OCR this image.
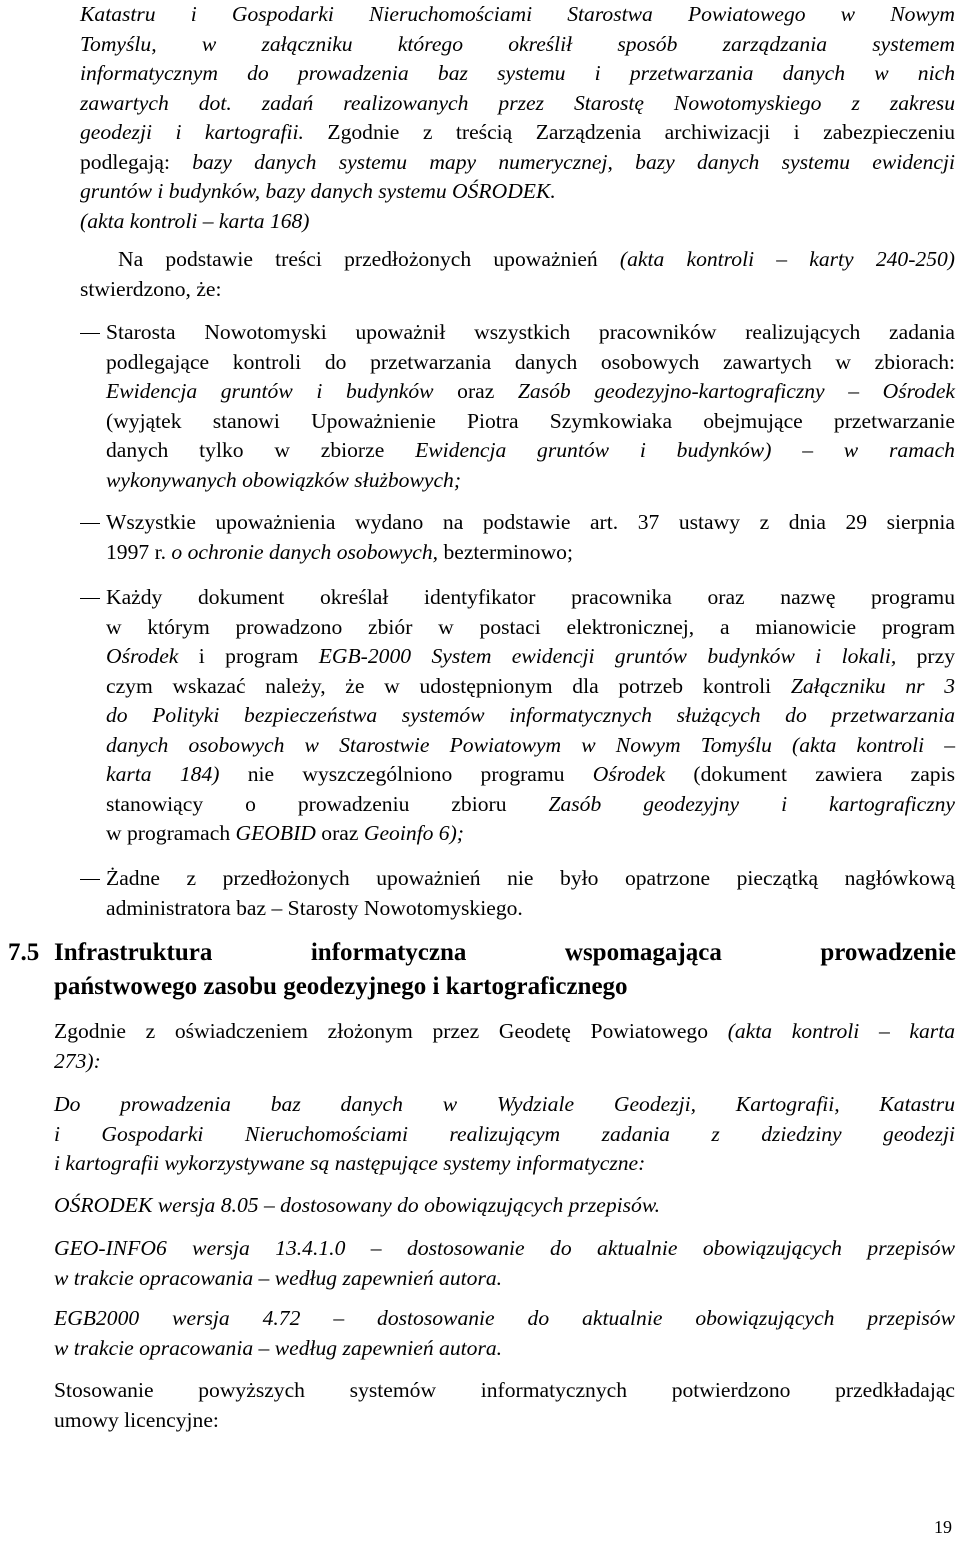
Katastru i Gospodarki Nieruchomościami Starostwa Powiatowego w Nowym
Tomyślu, w załączniku którego określił sposób zarządzania systemem
informatycznym do prowadzenia baz systemu i przetwarzania danych w nich
zawartych dot. zadań realizowanych przez Starostę Nowotomyskiego z zakresu
geodezji i kartografii. Zgodnie z treścią Zarządzenia archiwizacji i zabezpieczeniu
podlegają: bazy danych systemu mapy numerycznej, bazy danych systemu ewidencji
gruntów i budynków, bazy danych systemu OŚRODEK.
(akta kontroli – karta 168)
Na podstawie treści przedłożonych upoważnień (akta kontroli – karty 240-250)
stwierdzono, że:
Starosta Nowotomyski upoważnił wszystkich pracowników realizujących zadania
podlegające kontroli do przetwarzania danych osobowych zawartych w zbiorach:
Ewidencja gruntów i budynków oraz Zasób geodezyjno-kartograficzny – Ośrodek
(wyjątek stanowi Upoważnienie Piotra Szymkowiaka obejmujące przetwarzanie
danych tylko w zbiorze Ewidencja gruntów i budynków) – w ramach
wykonywanych obowiązków służbowych;
Wszystkie upoważnienia wydano na podstawie art. 37 ustawy z dnia 29 sierpnia
1997 r. o ochronie danych osobowych, bezterminowo;
Każdy dokument określał identyfikator pracownika oraz nazwę programu
w którym prowadzono zbiór w postaci elektronicznej, a mianowicie program
Ośrodek i program EGB-2000 System ewidencji gruntów budynków i lokali, przy
czym wskazać należy, że w udostępnionym dla potrzeb kontroli Załączniku nr 3
do Polityki bezpieczeństwa systemów informatycznych służących do przetwarzania
danych osobowych w Starostwie Powiatowym w Nowym Tomyślu (akta kontroli –
karta 184) nie wyszczególniono programu Ośrodek (dokument zawiera zapis
stanowiący o prowadzeniu zbioru Zasób geodezyjny i kartograficzny
w programach GEOBID oraz Geoinfo 6);
Żadne z przedłożonych upoważnień nie było opatrzone pieczątką nagłówkową
administratora baz – Starosty Nowotomyskiego.
7.5 Infrastruktura informatyczna wspomagająca prowadzenie
państwowego zasobu geodezyjnego i kartograficznego
Zgodnie z oświadczeniem złożonym przez Geodetę Powiatowego (akta kontroli – karta
273):
Do prowadzenia baz danych w Wydziale Geodezji, Kartografii, Katastru
i Gospodarki Nieruchomościami realizującym zadania z dziedziny geodezji
i kartografii wykorzystywane są następujące systemy informatyczne:
OŚRODEK wersja 8.05 – dostosowany do obowiązujących przepisów.
GEO-INFO6 wersja 13.4.1.0 – dostosowanie do aktualnie obowiązujących przepisów
w trakcie opracowania – według zapewnień autora.
EGB2000 wersja 4.72 – dostosowanie do aktualnie obowiązujących przepisów
w trakcie opracowania – według zapewnień autora.
Stosowanie powyższych systemów informatycznych potwierdzono przedkładając
umowy licencyjne:
19
